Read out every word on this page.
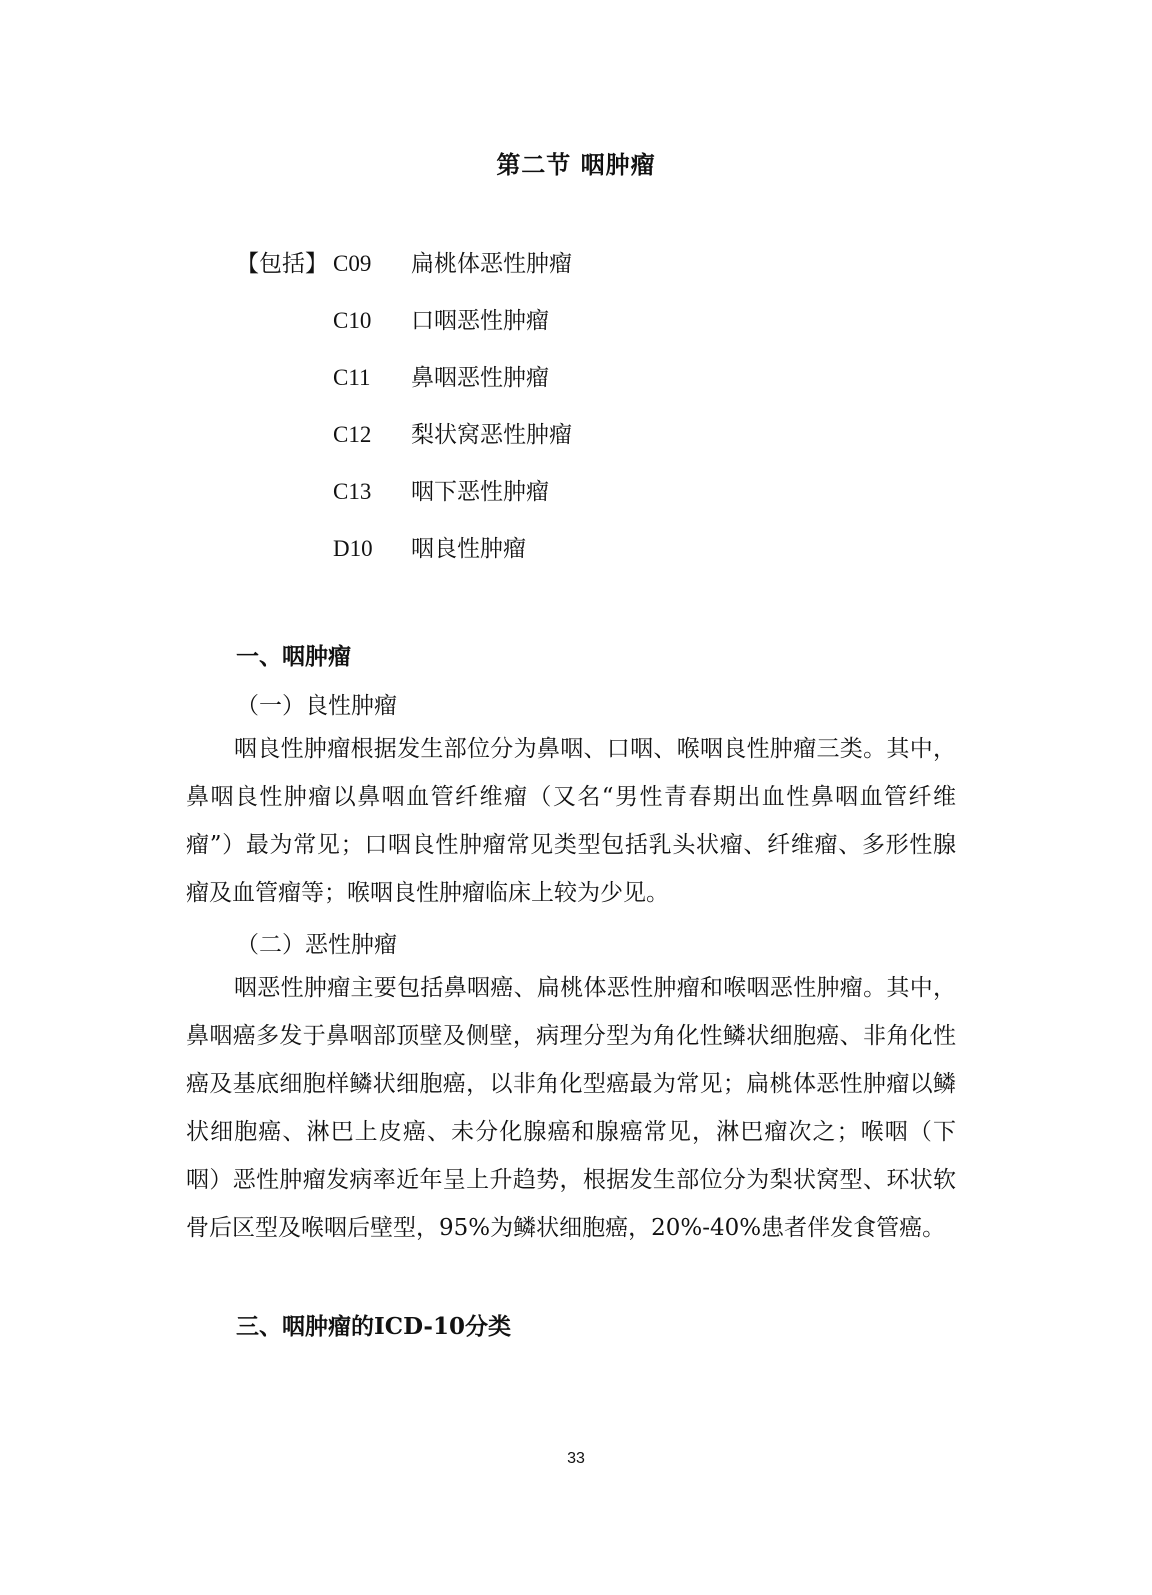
第二节 咽肿瘤
【包括】 C09 扁桃体恶性肿瘤
C10 口咽恶性肿瘤
C11 鼻咽恶性肿瘤
C12 梨状窝恶性肿瘤
C13 咽下恶性肿瘤
D10 咽良性肿瘤
一、咽肿瘤
（一）良性肿瘤
咽良性肿瘤根据发生部位分为鼻咽、口咽、喉咽良性肿瘤三类。其中，鼻咽良性肿瘤以鼻咽血管纤维瘤（又名“男性青春期出血性鼻咽血管纤维瘤”）最为常见；口咽良性肿瘤常见类型包括乳头状瘤、纤维瘤、多形性腺瘤及血管瘤等；喉咽良性肿瘤临床上较为少见。
（二）恶性肿瘤
咽恶性肿瘤主要包括鼻咽癌、扁桃体恶性肿瘤和喉咽恶性肿瘤。其中，鼻咽癌多发于鼻咽部顶壁及侧壁，病理分型为角化性鳞状细胞癌、非角化性癌及基底细胞样鳞状细胞癌，以非角化型癌最为常见；扁桃体恶性肿瘤以鳞状细胞癌、淋巴上皮癌、未分化腺癌和腺癌常见，淋巴瘤次之；喉咽（下咽）恶性肿瘤发病率近年呈上升趋势，根据发生部位分为梨状窝型、环状软骨后区型及喉咽后壁型，95%为鳞状细胞癌，20%-40%患者伴发食管癌。
三、咽肿瘤的ICD-10分类
33
